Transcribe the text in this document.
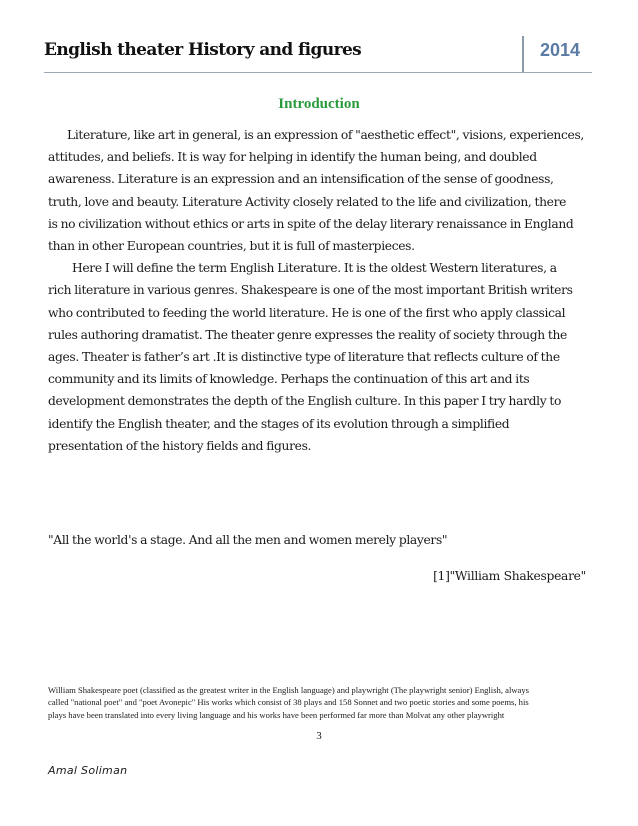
English theater History and figures	2014
Introduction
Literature, like art in general, is an expression of "aesthetic effect", visions, experiences,
attitudes, and beliefs. It is way for helping in identify the human being, and doubled
awareness. Literature is an expression and an intensification of the sense of goodness,
truth, love and beauty. Literature Activity closely related to the life and civilization, there
is no civilization without ethics or arts in spite of the delay literary renaissance in England
than in other European countries, but it is full of masterpieces.
Here I will define the term English Literature. It is the oldest Western literatures, a
rich literature in various genres. Shakespeare is one of the most important British writers
who contributed to feeding the world literature. He is one of the first who apply classical
rules authoring dramatist. The theater genre expresses the reality of society through the
ages. Theater is father’s art .It is distinctive type of literature that reflects culture of the
community and its limits of knowledge. Perhaps the continuation of this art and its
development demonstrates the depth of the English culture. In this paper I try hardly to
identify the English theater, and the stages of its evolution through a simplified
presentation of the history fields and figures.
"All the world's a stage. And all the men and women merely players"
[1]"William Shakespeare"
William Shakespeare poet (classified as the greatest writer in the English language) and playwright (The playwright senior) English, always
called "national poet" and "poet Avonepic" His works which consist of 38 plays and 158 Sonnet and two poetic stories and some poems, his
plays have been translated into every living language and his works have been performed far more than Molvat any other playwright
3
Amal Soliman
